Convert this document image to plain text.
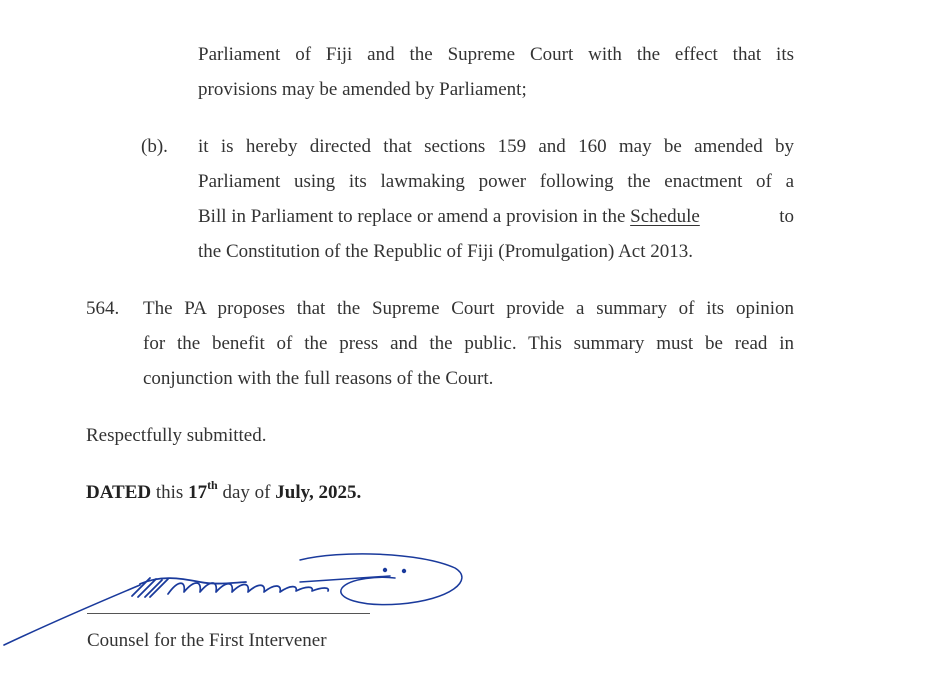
Parliament of Fiji and the Supreme Court with the effect that its
provisions may be amended by Parliament;
(b). it is hereby directed that sections 159 and 160 may be amended by
Parliament using its lawmaking power following the enactment of a
Bill in Parliament to replace or amend a provision in the Schedule	to
the Constitution of the Republic of Fiji (Promulgation) Act 2013.
564. The PA proposes that the Supreme Court provide a summary of its opinion
for the benefit of the press and the public. This summary must be read in
conjunction with the full reasons of the Court.
Respectfully submitted.
DATED this 17th day of July, 2025.
Counsel for the First Intervener
